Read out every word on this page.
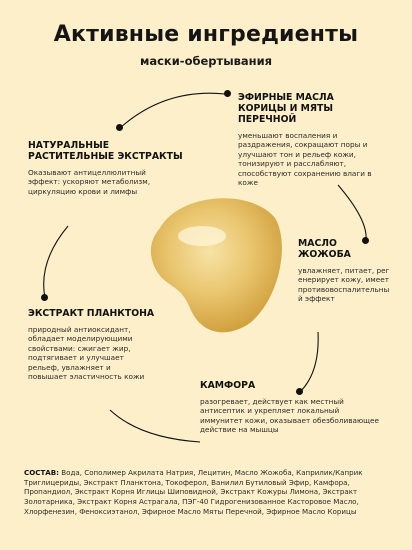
Активные ингредиенты
маски-обертывания
ЭФИРНЫЕ МАСЛА КОРИЦЫ И МЯТЫ ПЕРЕЧНОЙ
уменьшают воспаления и раздражения, сокращают поры и улучшают тон и рельеф кожи, тонизируют и расслабляют, способствуют сохранению влаги в коже
НАТУРАЛЬНЫЕ РАСТИТЕЛЬНЫЕ ЭКСТРАКТЫ
Оказывают антицеллюлитный эффект: ускоряют метаболизм, циркуляцию крови и лимфы
МАСЛО ЖОЖОБА
увлажняет, питает, регенерирует кожу, имеет противовоспалительный эффект
ЭКСТРАКТ ПЛАНКТОНА
природный антиоксидант, обладает моделирующими свойствами: сжигает жир, подтягивает и улучшает рельеф, увлажняет и повышает эластичность кожи
КАМФОРА
разогревает, действует как местный антисептик и укрепляет локальный иммунитет кожи, оказывает обезболивающее действие на мышцы
СОСТАВ: Вода, Сополимер Акрилата Натрия, Лецитин, Масло Жожоба, Каприлик/Каприк Триглицериды, Экстракт Планктона, Токоферол, Ванилил Бутиловый Эфир, Камфора, Пропандиол, Экстракт Корня Иглицы Шиповидной, Экстракт Кожуры Лимона, Экстракт Золотарника, Экстракт Корня Астрагала, ПЭГ-40 Гидрогенизованное Касторовое Масло, Хлорфенезин, Феноксиэтанол, Эфирное Масло Мяты Перечной, Эфирное Масло Корицы
